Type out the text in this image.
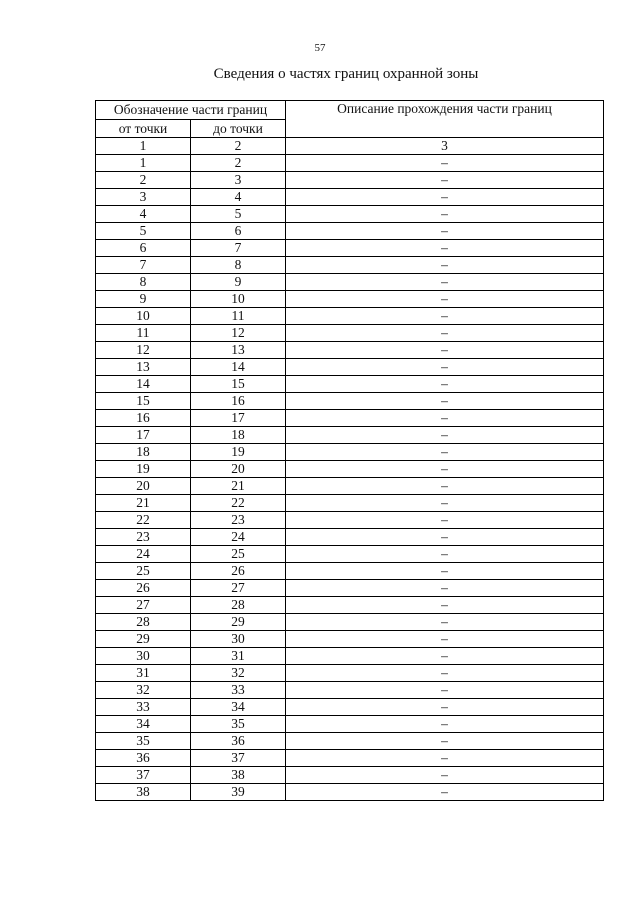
57
Сведения о частях границ охранной зоны
Обозначение части границ		Описание прохождения части границ
от точки	до точки	
1	2	3
1	2	–
2	3	–
3	4	–
4	5	–
5	6	–
6	7	–
7	8	–
8	9	–
9	10	–
10	11	–
11	12	–
12	13	–
13	14	–
14	15	–
15	16	–
16	17	–
17	18	–
18	19	–
19	20	–
20	21	–
21	22	–
22	23	–
23	24	–
24	25	–
25	26	–
26	27	–
27	28	–
28	29	–
29	30	–
30	31	–
31	32	–
32	33	–
33	34	–
34	35	–
35	36	–
36	37	–
37	38	–
38	39	–
